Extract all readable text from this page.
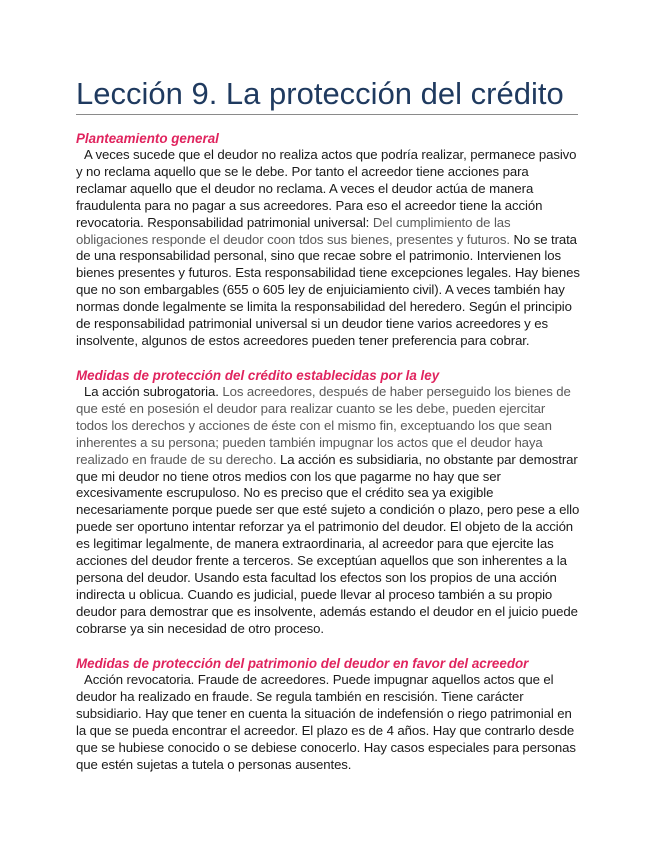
Lección 9. La protección del crédito

Planteamiento general

A veces sucede que el deudor no realiza actos que podría realizar, permanece pasivo y no reclama aquello que se le debe. Por tanto el acreedor tiene acciones para reclamar aquello que el deudor no reclama. A veces el deudor actúa de manera fraudulenta para no pagar a sus acreedores. Para eso el acreedor tiene la acción revocatoria. Responsabilidad patrimonial universal: Del cumplimiento de las obligaciones responde el deudor coon tdos sus bienes, presentes y futuros. No se trata de una responsabilidad personal, sino que recae sobre el patrimonio. Intervienen los bienes presentes y futuros. Esta responsabilidad tiene excepciones legales. Hay bienes que no son embargables (655 o 605 ley de enjuiciamiento civil). A veces también hay normas donde legalmente se limita la responsabilidad del heredero. Según el principio de responsabilidad patrimonial universal si un deudor tiene varios acreedores y es insolvente, algunos de estos acreedores pueden tener preferencia para cobrar.

Medidas de protección del crédito establecidas por la ley

La acción subrogatoria. Los acreedores, después de haber perseguido los bienes de que esté en posesión el deudor para realizar cuanto se les debe, pueden ejercitar todos los derechos y acciones de éste con el mismo fin, exceptuando los que sean inherentes a su persona; pueden también impugnar los actos que el deudor haya realizado en fraude de su derecho. La acción es subsidiaria, no obstante par demostrar que mi deudor no tiene otros medios con los que pagarme no hay que ser excesivamente escrupuloso. No es preciso que el crédito sea ya exigible necesariamente porque puede ser que esté sujeto a condición o plazo, pero pese a ello puede ser oportuno intentar reforzar ya el patrimonio del deudor. El objeto de la acción es legitimar legalmente, de manera extraordinaria, al acreedor para que ejercite las acciones del deudor frente a terceros. Se exceptúan aquellos que son inherentes a la persona del deudor. Usando esta facultad los efectos son los propios de una acción indirecta u oblicua. Cuando es judicial, puede llevar al proceso también a su propio deudor para demostrar que es insolvente, además estando el deudor en el juicio puede cobrarse ya sin necesidad de otro proceso.

Medidas de protección del patrimonio del deudor en favor del acreedor

Acción revocatoria. Fraude de acreedores. Puede impugnar aquellos actos que el deudor ha realizado en fraude. Se regula también en rescisión. Tiene carácter subsidiario. Hay que tener en cuenta la situación de indefensión o riego patrimonial en la que se pueda encontrar el acreedor. El plazo es de 4 años. Hay que contrarlo desde que se hubiese conocido o se debiese conocerlo. Hay casos especiales para personas que estén sujetas a tutela o personas ausentes.
